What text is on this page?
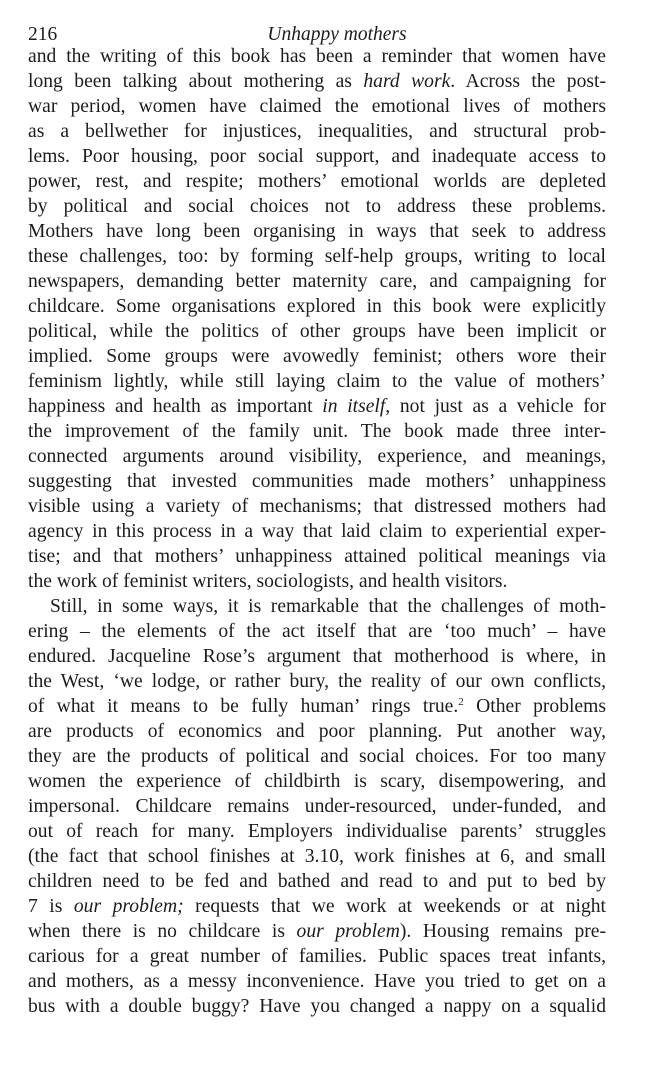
216	Unhappy mothers
and the writing of this book has been a reminder that women have
long been talking about mothering as hard work. Across the post-
war period, women have claimed the emotional lives of mothers
as a bellwether for injustices, inequalities, and structural prob-
lems. Poor housing, poor social support, and inadequate access to
power, rest, and respite; mothers’ emotional worlds are depleted
by political and social choices not to address these problems.
Mothers have long been organising in ways that seek to address
these challenges, too: by forming self-help groups, writing to local
newspapers, demanding better maternity care, and campaigning for
childcare. Some organisations explored in this book were explicitly
political, while the politics of other groups have been implicit or
implied. Some groups were avowedly feminist; others wore their
feminism lightly, while still laying claim to the value of mothers’
happiness and health as important in itself, not just as a vehicle for
the improvement of the family unit. The book made three inter-
connected arguments around visibility, experience, and meanings,
suggesting that invested communities made mothers’ unhappiness
visible using a variety of mechanisms; that distressed mothers had
agency in this process in a way that laid claim to experiential exper-
tise; and that mothers’ unhappiness attained political meanings via
the work of feminist writers, sociologists, and health visitors.
Still, in some ways, it is remarkable that the challenges of moth-
ering – the elements of the act itself that are ‘too much’ – have
endured. Jacqueline Rose’s argument that motherhood is where, in
the West, ‘we lodge, or rather bury, the reality of our own conflicts,
of what it means to be fully human’ rings true.$^2$ Other problems
are products of economics and poor planning. Put another way,
they are the products of political and social choices. For too many
women the experience of childbirth is scary, disempowering, and
impersonal. Childcare remains under-resourced, under-funded, and
out of reach for many. Employers individualise parents’ struggles
(the fact that school finishes at 3.10, work finishes at 6, and small
children need to be fed and bathed and read to and put to bed by
7 is our problem; requests that we work at weekends or at night
when there is no childcare is our problem). Housing remains pre-
carious for a great number of families. Public spaces treat infants,
and mothers, as a messy inconvenience. Have you tried to get on a
bus with a double buggy? Have you changed a nappy on a squalid
